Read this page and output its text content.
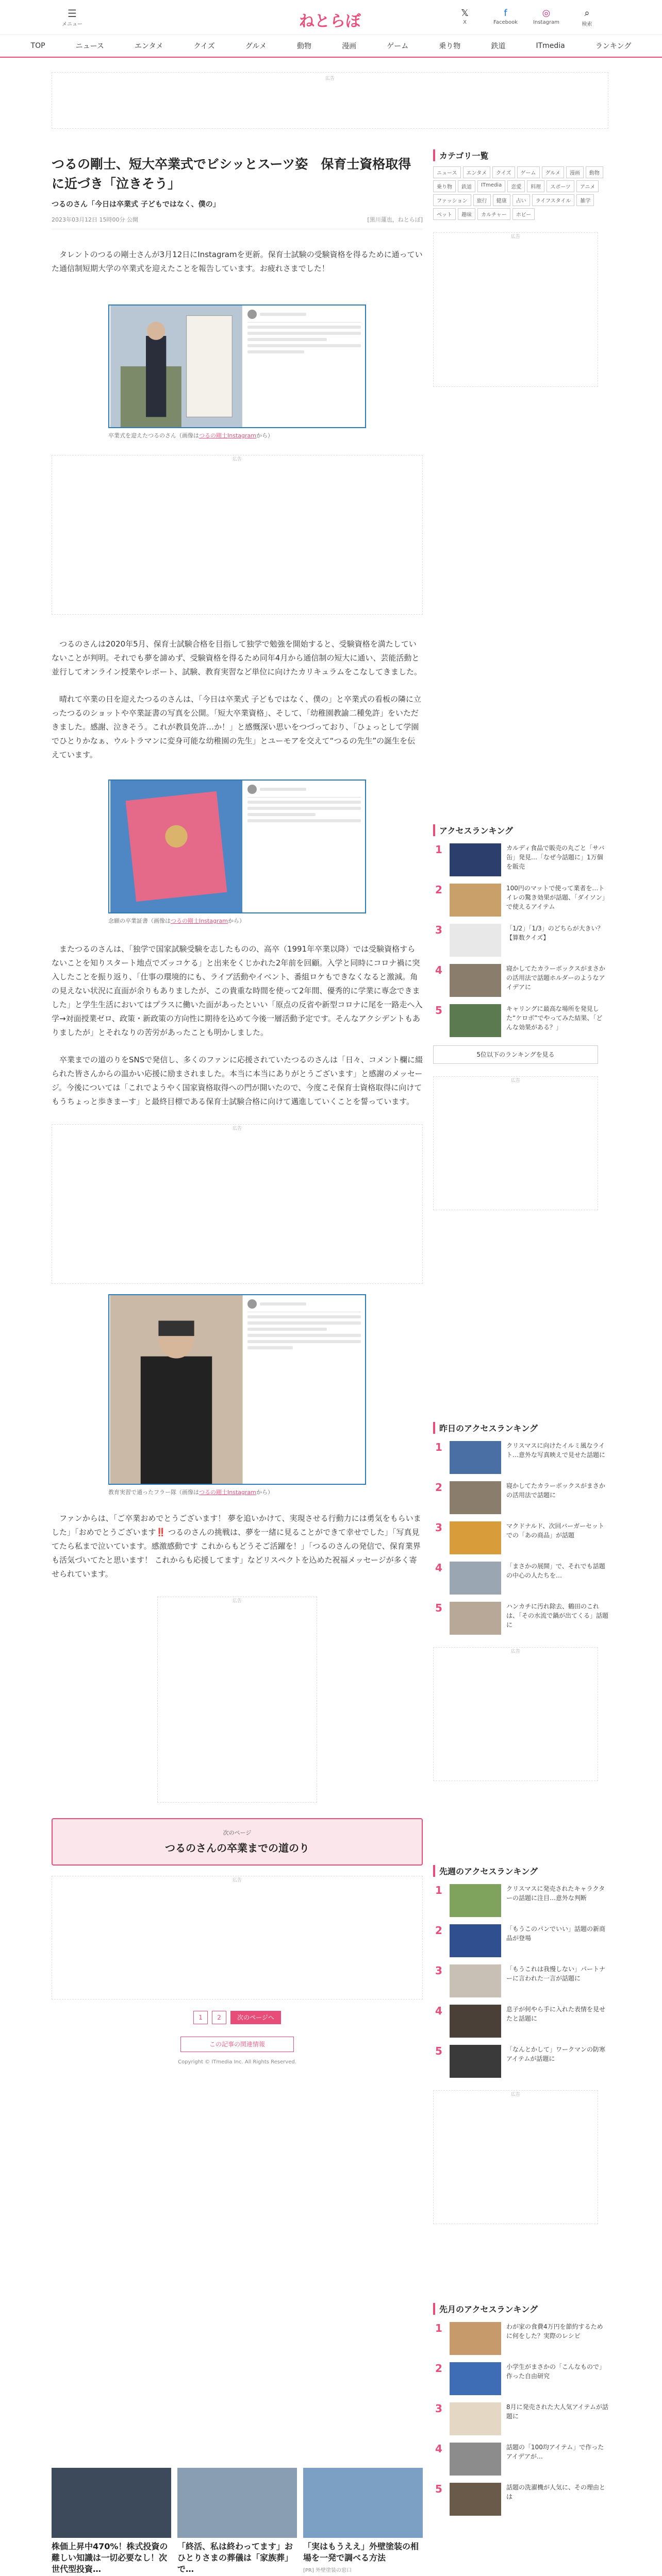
☰
メニュー	ねとらぼ	𝕏
X
f
Facebook
◎
Instagram
⌕
検索
TOP	ニュース	エンタメ	クイズ	グルメ	動物	漫画	ゲーム	乗り物	鉄道	ITmedia	ランキング
広告
つるの剛士、短大卒業式でビシッとスーツ姿　保育士資格取得に近づき「泣きそう」
つるのさん「今日は卒業式 子どもではなく、僕の」
2023年03月12日 15時00分 公開	[黒川蓮也，ねとらぼ]

タレントのつるの剛士さんが3月12日にInstagramを更新。保育士試験の受験資格を得るために通っていた通信制短期大学の卒業式を迎えたことを報告しています。お疲れさまでした！

卒業式を迎えたつるのさん（画像はつるの剛士Instagramから）
広告

つるのさんは2020年5月、保育士試験合格を目指して独学で勉強を開始すると、受験資格を満たしていないことが判明。それでも夢を諦めず、受験資格を得るため同年4月から通信制の短大に通い、芸能活動と並行してオンライン授業やレポート、試験、教育実習など単位に向けたカリキュラムをこなしてきました。

晴れて卒業の日を迎えたつるのさんは、「今日は卒業式 子どもではなく、僕の」と卒業式の看板の隣に立ったつるのショットや卒業証書の写真を公開。「短大卒業資格」、そして、「幼稚園教諭二種免許」をいただきました。感謝、泣きそう。これが教員免許…か！」と感慨深い思いをつづっており、「ひょっとして学園でひとりかなぁ、ウルトラマンに変身可能な幼稚園の先生」とユーモアを交えて“つるの先生”の誕生を伝えています。

念願の卒業証書（画像はつるの剛士Instagramから）

またつるのさんは、「独学で国家試験受験を志したものの、高卒（1991年卒業以降）では受験資格すらないことを知りスタート地点でズッコケる」と出来をくじかれた2年前を回顧。入学と同時にコロナ禍に突入したことを振り返り、「仕事の環境的にも、ライブ活動やイベント、番組ロケもできなくなると激減。角の見えない状況に直面が余りもありましたが、この貴重な時間を使って2年間、優秀的に学業に専念できました」と学生生活においてはプラスに働いた面があったといい「原点の反省や新型コロナに尾を一路走へ入学→対面授業ゼロ、政策・新政策の方向性に期待を込めて今後一層活動予定です。そんなアクシデントもありましたが」とそれなりの苦労があったことも明かしました。

卒業までの道のりをSNSで発信し、多くのファンに応援されていたつるのさんは「日々、コメント欄に綴られた皆さんからの温かい応援に励まされました。本当に本当にありがとうございます」と感謝のメッセージ。今後については「これでようやく国家資格取得への門が開いたので、今度こそ保育士資格取得に向けてもうちょっと歩きまーす」と最終目標である保育士試験合格に向けて邁進していくことを誓っています。

広告
教育実習で通ったフラー隊（画像はつるの剛士Instagramから）

ファンからは、「ご卒業おめでとうございます！ 夢を追いかけて、実現させる行動力には勇気をもらいました」「おめでとうございます‼️ つるのさんの挑戦は、夢を一緒に見ることができて幸せでした」「写真見てたら私まで泣いています。感激感動です これからもどうそご活躍を！」「つるのさんの発信で、保育業界も活気づいてたと思います！ これからも応援してます」などリスペクトを込めた祝福メッセージが多く寄せられています。

広告
次のページ
つるのさんの卒業までの道のり
広告
1	2	次のページへ
この記事の関連情報
Copyright © ITmedia Inc. All Rights Reserved.
カテゴリ一覧
ニュース	エンタメ	クイズ	ゲーム	グルメ	漫画	動物
乗り物	鉄道	ITmedia	恋愛	料理	スポーツ	アニメ
ファッション	旅行	健康	占い	ライフスタイル	雑学
ペット	趣味	カルチャー	ホビー
広告
アクセスランキング
1	カルディ食品で販売の丸ごと「サバ缶」発見…「なぜ今話題に」1万個を販売
2	100円のマットで使って業者を…トイレの驚き効果が話題、「ダイソン」で使えるアイテム
3	「1/2」「1/3」のどちらが大きい？【算数クイズ】
4	寝かしてたカラーボックスがまさかの活用法で話題ホルダーのようなアイデアに
5	キャリングに最高な場所を発見した“ケロボ”でやってみた結果、「どんな効果がある？」
5位以下のランキングを見る
広告
昨日のアクセスランキング
1	クリスマスに向けたイルミ風なライト…意外な写真映えで見せた話題に
2	寝かしてたカラーボックスがまさかの活用法で話題に
3	マクドナルド、次回バーガーセットでの「あの商品」が話題
4	「まさかの展開」で、それでも話題の中心の人たちを…
5	ハンカチに汚れ除去、鶴田のこれは、「その水流で鍋が出てくる」話題に
広告
先週のアクセスランキング
1	クリスマスに発売されたキャラクターの話題に注目…意外な判断
2	「もうこのパンでいい」話題の新商品が登場
3	「もうこれは我慢しない」パートナーに言われた一言が話題に
4	息子が何やら手に入れた表情を見せたと話題に
5	「なんとかして」ワークマンの防寒アイテムが話題に
広告
先月のアクセスランキング
1	わが家の食費4万円を節約するために何をした？実際のレシピ
2	小学生がまさかの「こんなもので」作った自由研究
3	8月に発売された大人気アイテムが話題に
4	話題の「100均アイテム」で作ったアイデアが…
5	話題の洗濯機が人気に、その理由とは
株価上昇中470%！株式投資の難しい知識は一切必要なし！次世代型投資…
「終活、私は終わってます」おひとりさまの葬儀は「家族葬」で…
「実はもうええ」外壁塗装の相場を一発で調べる方法
[PR] 外壁塗装の窓口
